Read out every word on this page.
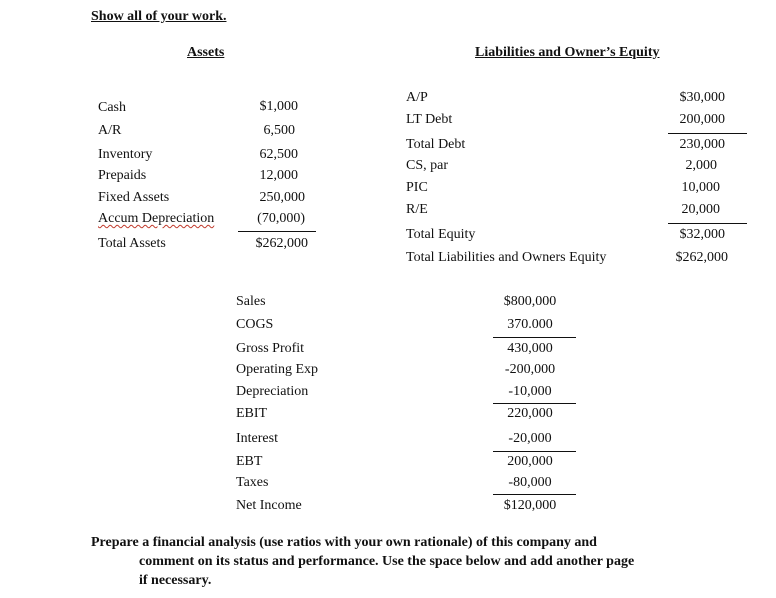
Show all of your work.
Assets	Liabilities and Owner’s Equity
Cash	$1,000
A/R	6,500
Inventory	62,500
Prepaids	12,000
Fixed Assets	250,000
Accum Depreciation	(70,000)
Total Assets	$262,000
A/P	$30,000
LT Debt	200,000
Total Debt	230,000
CS, par	2,000
PIC	10,000
R/E	20,000
Total Equity	$32,000
Total Liabilities and Owners Equity	$262,000
Sales	$800,000
COGS	370.000
Gross Profit	430,000
Operating Exp	-200,000
Depreciation	-10,000
EBIT	220,000
Interest	-20,000
EBT	200,000
Taxes	-80,000
Net Income	$120,000
Prepare a financial analysis (use ratios with your own rationale) of this company and
comment on its status and performance. Use the space below and add another page
if necessary.
